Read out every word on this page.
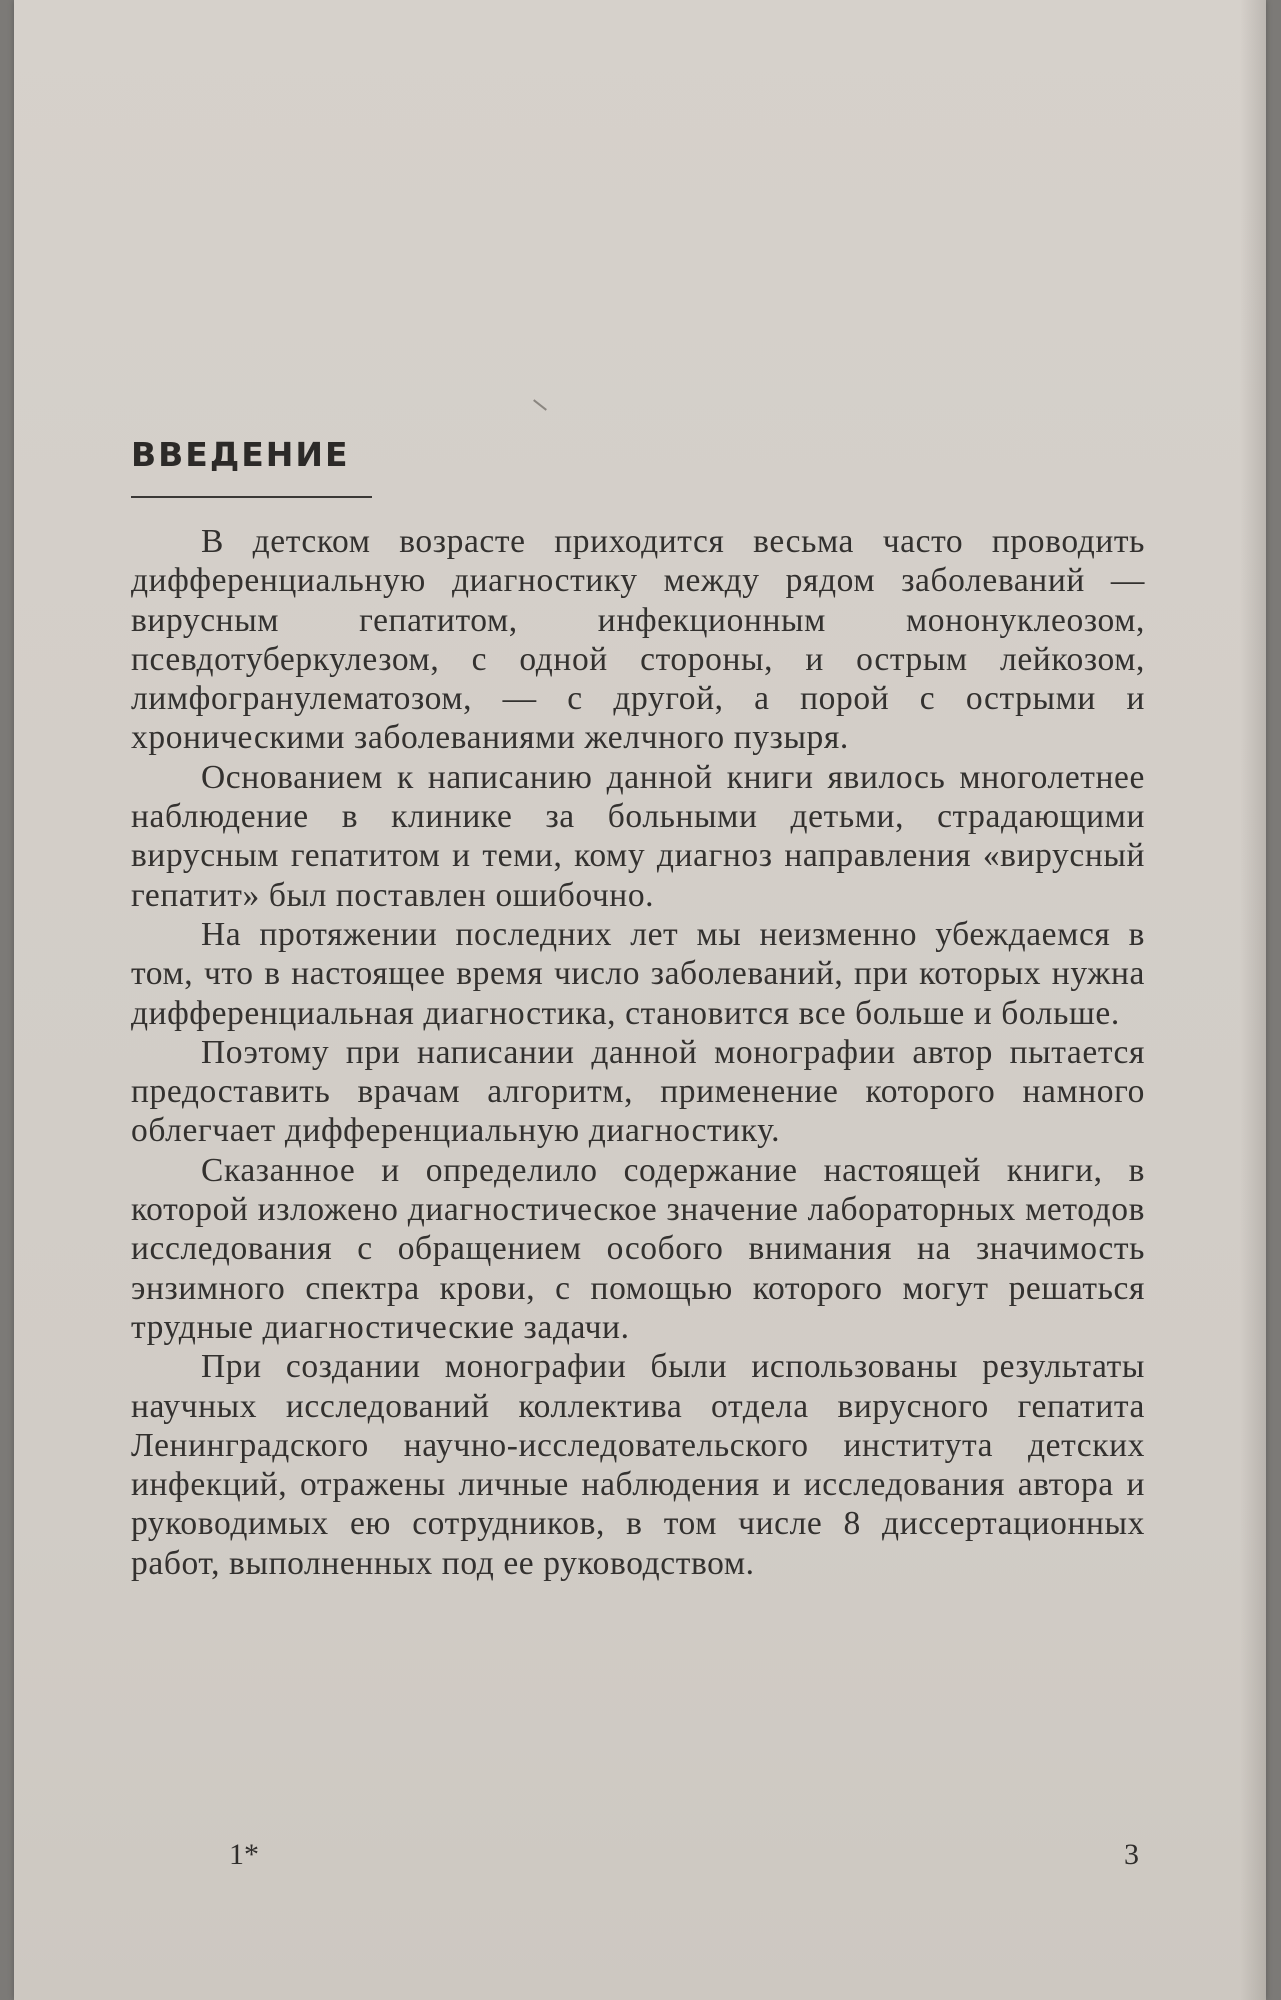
ВВЕДЕНИЕ

В детском возрасте приходится весьма часто проводить дифференциальную диагностику между рядом заболеваний — вирусным гепатитом, инфекционным мононуклеозом, псевдотуберкулезом, с одной стороны, и острым лейкозом, лимфогранулематозом, — с другой, а порой с острыми и хроническими заболеваниями желчного пузыря.

Основанием к написанию данной книги явилось многолетнее наблюдение в клинике за больными детьми, страдающими вирусным гепатитом и теми, кому диагноз направления «вирусный гепатит» был поставлен ошибочно.

На протяжении последних лет мы неизменно убеждаемся в том, что в настоящее время число заболеваний, при которых нужна дифференциальная диагностика, становится все больше и больше.

Поэтому при написании данной монографии автор пытается предоставить врачам алгоритм, применение которого намного облегчает дифференциальную диагностику.

Сказанное и определило содержание настоящей книги, в которой изложено диагностическое значение лабораторных методов исследования с обращением особого внимания на значимость энзимного спектра крови, с помощью которого могут решаться трудные диагностические задачи.

При создании монографии были использованы результаты научных исследований коллектива отдела вирусного гепатита Ленинградского научно-исследовательского института детских инфекций, отражены личные наблюдения и исследования автора и руководимых ею сотрудников, в том числе 8 диссертационных работ, выполненных под ее руководством.

1*	3
